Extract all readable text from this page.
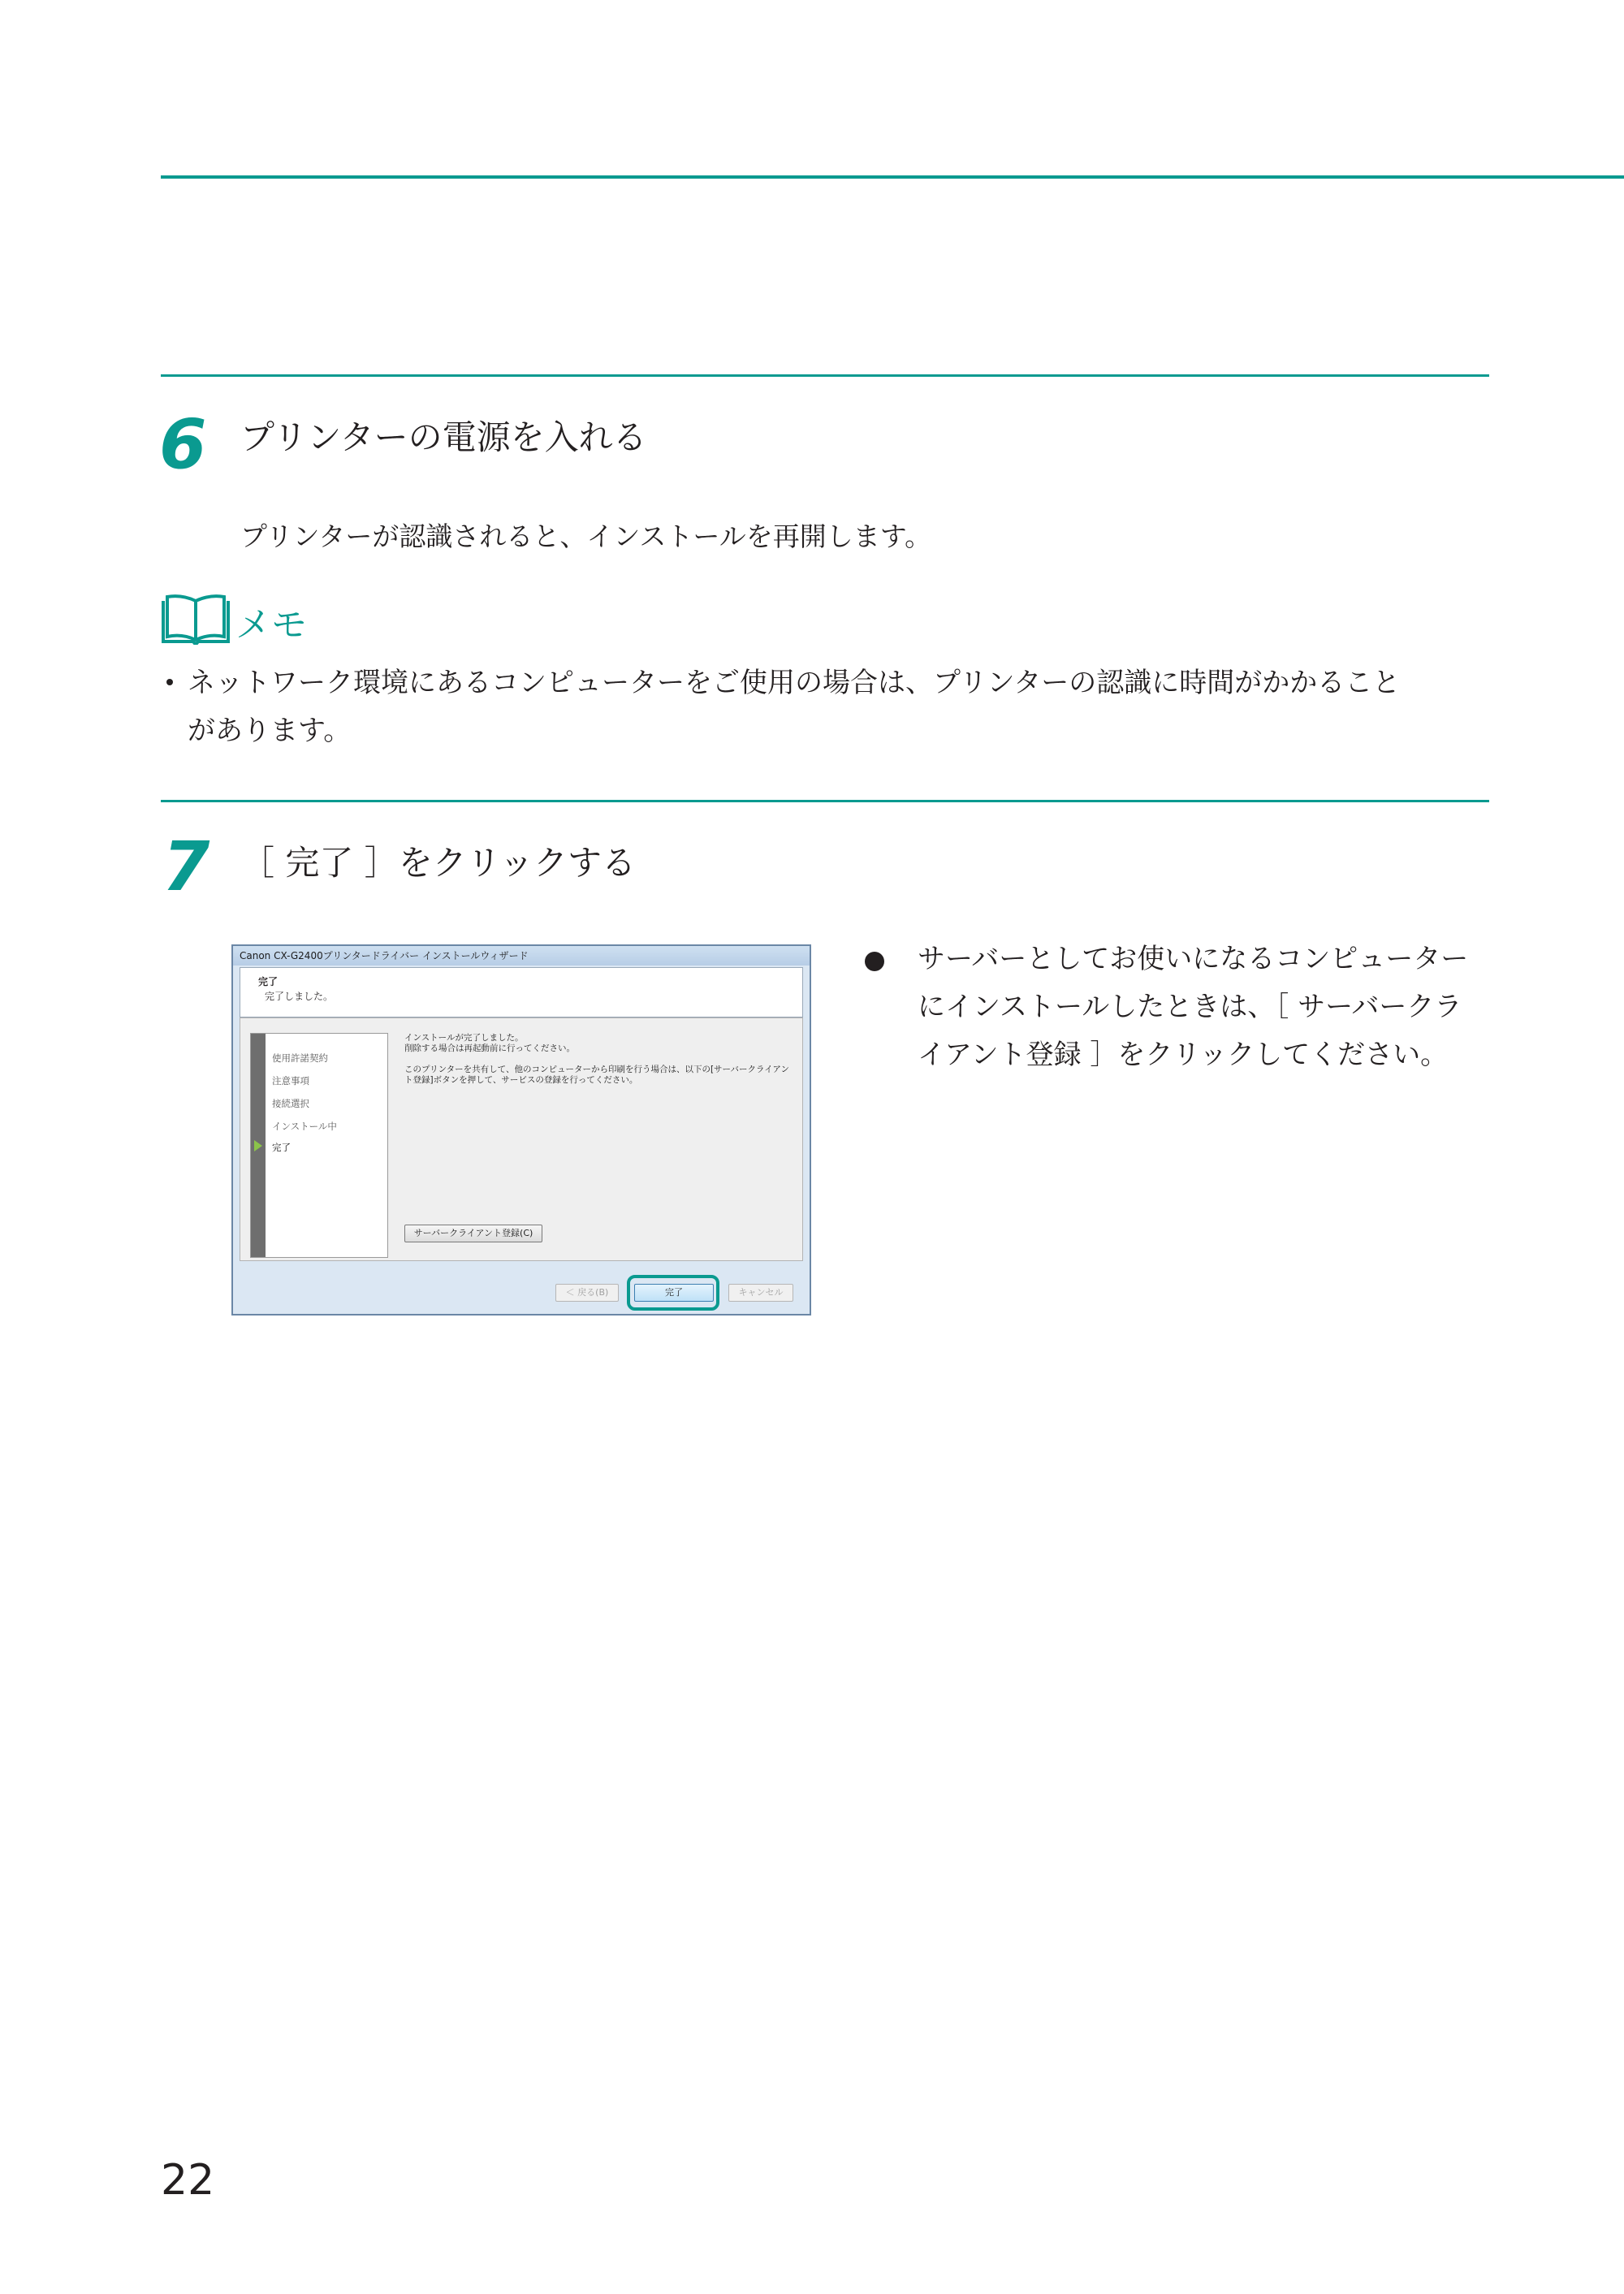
6 プリンターの電源を入れる
プリンターが認識されると、インストールを再開します。
メモ
ネットワーク環境にあるコンピューターをご使用の場合は、プリンターの認識に時間がかかること
があります。
7 ［ 完了 ］をクリックする
サーバーとしてお使いになるコンピューター
にインストールしたときは、［ サーバークラ
イアント登録 ］をクリックしてください。
Canon CX-G2400プリンタードライバー インストールウィザード
完了
完了しました。
使用許諾契約
注意事項
接続選択
インストール中
完了
インストールが完了しました。
削除する場合は再起動前に行ってください。
このプリンターを共有して、他のコンピューターから印刷を行う場合は、以下の[サーバークライアン
ト登録]ボタンを押して、サービスの登録を行ってください。
サーバークライアント登録(C)
＜ 戻る(B)	完了	キャンセル
22
